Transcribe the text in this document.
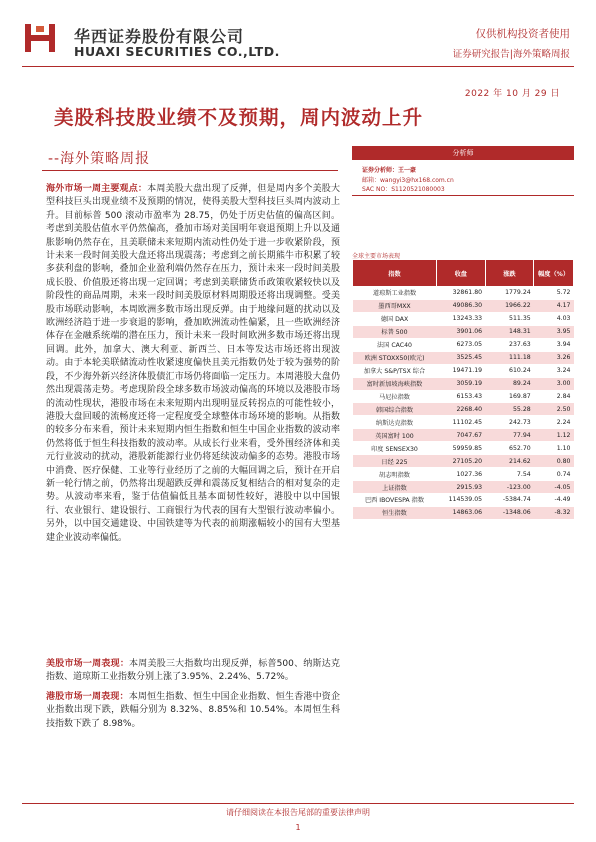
华西证券股份有限公司
HUAXI SECURITIES CO.,LTD.
仅供机构投资者使用
证券研究报告|海外策略周报
2022 年 10 月 29 日
美股科技股业绩不及预期，周内波动上升
--海外策略周报	分析师
证券分析师：王一豪
邮箱：wangyi3@hx168.com.cn
SAC NO：S1120521080003
海外市场一周主要观点：本周美股大盘出现了反弹，但是周内多个美股大型科技巨头出现业绩不及预期的情况，使得美股大型科技巨头周内波动上升。目前标普 500 滚动市盈率为 28.75，仍处于历史估值的偏高区间。考虑到美股估值水平仍然偏高，叠加市场对美国明年衰退预期上升以及通胀影响仍然存在，且美联储未来短期内流动性仍处于进一步收紧阶段，预计未来一段时间美股大盘还将出现震荡；考虑到之前长期熊牛市积累了较多获利盘的影响，叠加企业盈利端仍然存在压力，预计未来一段时间美股成长股、价值股还将出现一定回调；考虑到美联储货币政策收紧较快以及阶段性的商品周期，未来一段时间美股原材料周期股还将出现调整。受美股市场联动影响，本周欧洲多数市场出现反弹。由于地缘问题的扰动以及欧洲经济趋于进一步衰退的影响，叠加欧洲流动性偏紧，且一些欧洲经济体存在金融系统端的潜在压力，预计未来一段时间欧洲多数市场还将出现回调。此外，加拿大、澳大利亚、新西兰、日本等发达市场还将出现波动。由于本轮美联储流动性收紧速度偏快且美元指数仍处于较为强势的阶段，不少海外新兴经济体股债汇市场仍将面临一定压力。本周港股大盘仍然出现震荡走势。考虑现阶段全球多数市场波动偏高的环境以及港股市场的流动性现状，港股市场在未来短期内出现明显反转拐点的可能性较小，港股大盘回暖的流畅度还将一定程度受全球整体市场环境的影响。从指数的较多分布来看，预计未来短期内恒生指数和恒生中国企业指数的波动率仍然将低于恒生科技指数的波动率。从成长行业来看，受外围经济体和美元行业波动的扰动，港股新能源行业仍将延续波动偏多的态势。港股市场中消费、医疗保健、工业等行业经历了之前的大幅回调之后，预计在开启新一轮行情之前，仍然将出现超跌反弹和震荡反复相结合的相对复杂的走势。从波动率来看，鉴于估值偏低且基本面韧性较好，港股中以中国银行、农业银行、建设银行、工商银行为代表的国有大型银行波动率偏小。另外，以中国交通建设、中国铁建等为代表的前期涨幅较小的国有大型基建企业波动率偏低。
美股市场一周表现：本周美股三大指数均出现反弹，标普500、纳斯达克指数、道琼斯工业指数分别上涨了3.95%、2.24%、5.72%。
港股市场一周表现：本周恒生指数、恒生中国企业指数、恒生香港中资企业指数出现下跌，跌幅分别为 8.32%、8.85%和 10.54%。本周恒生科技指数下跌了 8.98%。
全球主要市场表现
指数	收盘	涨跌	幅度（%）
道琼斯工业指数	32861.80	1779.24	5.72
墨西哥MXX	49086.30	1966.22	4.17
德国 DAX	13243.33	511.35	4.03
标普 500	3901.06	148.31	3.95
法国 CAC40	6273.05	237.63	3.94
欧洲 STOXX50(欧元)	3525.45	111.18	3.26
加拿大 S&P/TSX 综合	19471.19	610.24	3.24
富时新加坡海峡指数	3059.19	89.24	3.00
马尼拉指数	6153.43	169.87	2.84
韩国综合指数	2268.40	55.28	2.50
纳斯达克指数	11102.45	242.73	2.24
英国富时 100	7047.67	77.94	1.12
印度 SENSEX30	59959.85	652.70	1.10
日经 225	27105.20	214.62	0.80
胡志明指数	1027.36	7.54	0.74
上证指数	2915.93	-123.00	-4.05
巴西 IBOVESPA 指数	114539.05	-5384.74	-4.49
恒生指数	14863.06	-1348.06	-8.32
请仔细阅读在本报告尾部的重要法律声明
1
